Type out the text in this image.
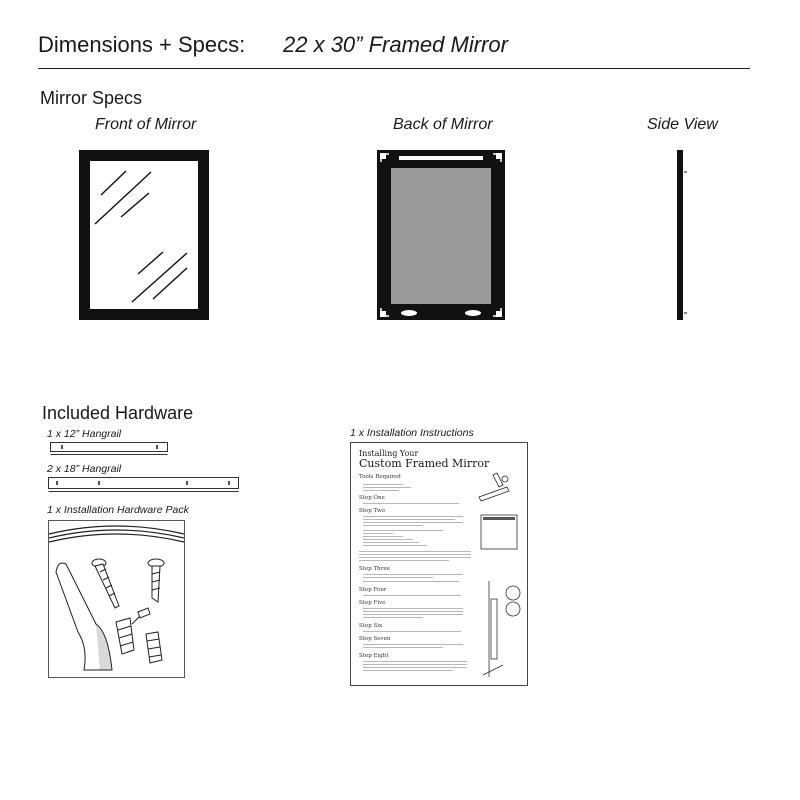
Dimensions + Specs: 22 x 30” Framed Mirror
Mirror Specs
Front of Mirror	Back of Mirror	Side View
Included Hardware
1 x 12” Hangrail
2 x 18” Hangrail
1 x Installation Hardware Pack
1 x Installation Instructions
Installing Your
Custom Framed Mirror
Tools Required
Step One
Step Two
Step Three
Step Four
Step Five
Step Six
Step Seven
Step Eight
